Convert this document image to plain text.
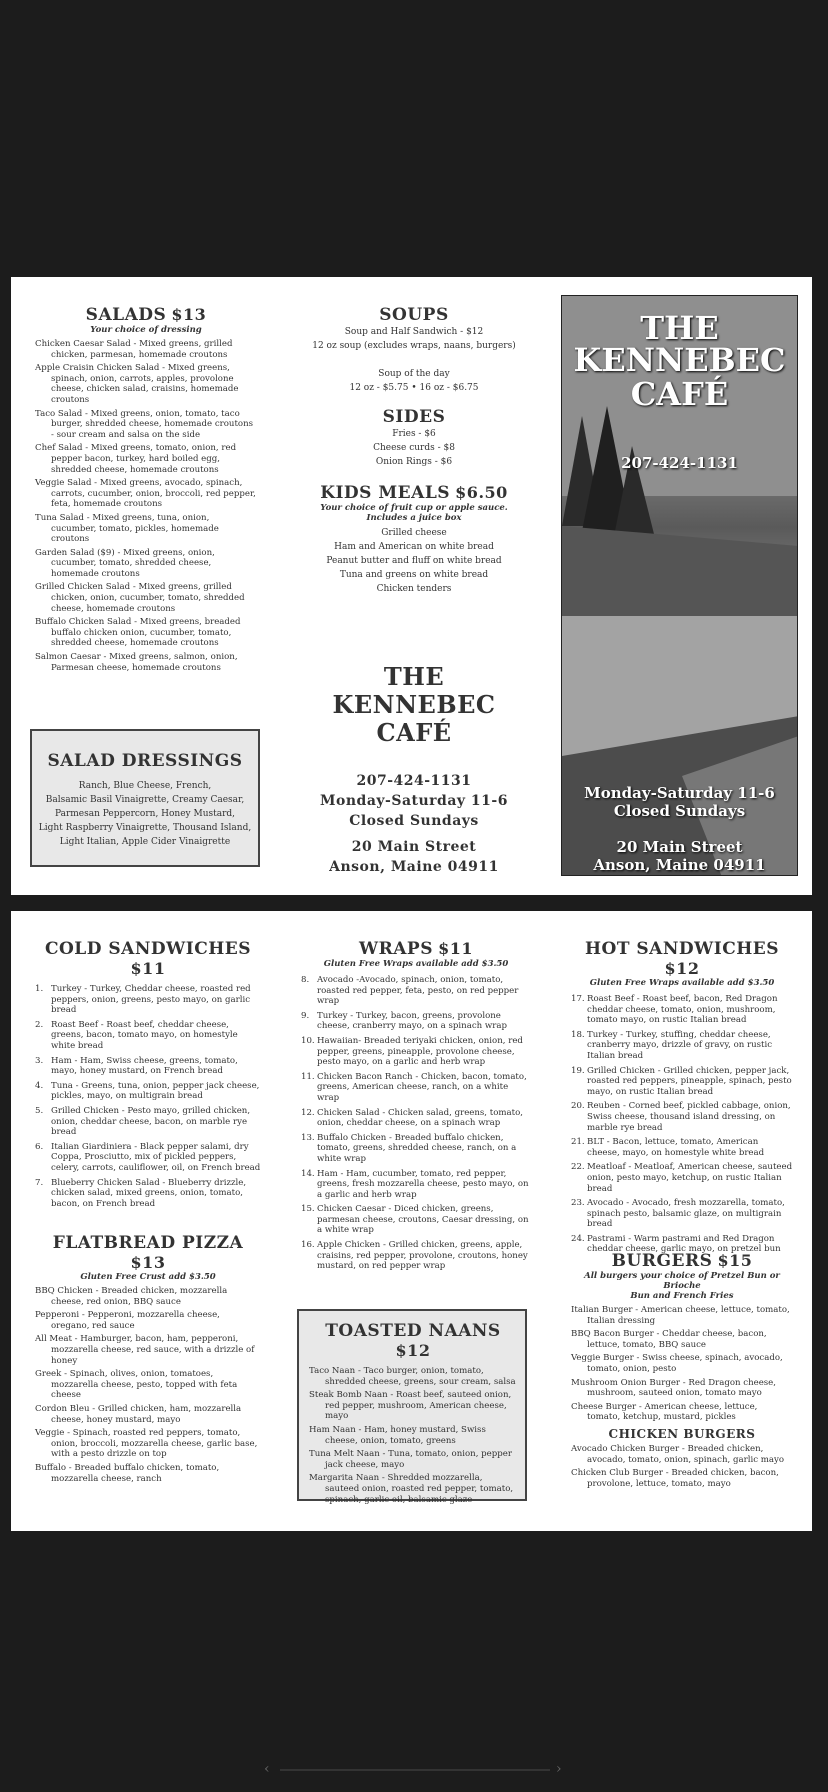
SALADS $13
Your choice of dressing
Chicken Caesar Salad - Mixed greens, grilled chicken, parmesan, homemade croutons
Apple Craisin Chicken Salad - Mixed greens, spinach, onion, carrots, apples, provolone cheese, chicken salad, craisins, homemade croutons
Taco Salad - Mixed greens, onion, tomato, taco burger, shredded cheese, homemade croutons - sour cream and salsa on the side
Chef Salad - Mixed greens, tomato, onion, red pepper bacon, turkey, hard boiled egg, shredded cheese, homemade croutons
Veggie Salad - Mixed greens, avocado, spinach, carrots, cucumber, onion, broccoli, red pepper, feta, homemade croutons
Tuna Salad - Mixed greens, tuna, onion, cucumber, tomato, pickles, homemade croutons
Garden Salad ($9) - Mixed greens, onion, cucumber, tomato, shredded cheese, homemade croutons
Grilled Chicken Salad - Mixed greens, grilled chicken, onion, cucumber, tomato, shredded cheese, homemade croutons
Buffalo Chicken Salad - Mixed greens, breaded buffalo chicken onion, cucumber, tomato, shredded cheese, homemade croutons
Salmon Caesar - Mixed greens, salmon, onion, Parmesan cheese, homemade croutons
SALAD DRESSINGS
Ranch, Blue Cheese, French,
Balsamic Basil Vinaigrette, Creamy Caesar,
Parmesan Peppercorn, Honey Mustard,
Light Raspberry Vinaigrette, Thousand Island,
Light Italian, Apple Cider Vinaigrette
SOUPS
Soup and Half Sandwich - $12
12 oz soup (excludes wraps, naans, burgers)
Soup of the day
12 oz - $5.75 • 16 oz - $6.75
SIDES
Fries - $6
Cheese curds - $8
Onion Rings - $6
KIDS MEALS $6.50
Your choice of fruit cup or apple sauce.
Includes a juice box
Grilled cheese
Ham and American on white bread
Peanut butter and fluff on white bread
Tuna and greens on white bread
Chicken tenders
THE
KENNEBEC
CAFÉ
207-424-1131
Monday-Saturday 11-6
Closed Sundays
20 Main Street
Anson, Maine 04911
THE
KENNEBEC
CAFÉ
207-424-1131
Monday-Saturday 11-6
Closed Sundays
20 Main Street
Anson, Maine 04911
COLD SANDWICHES $11
1. Turkey - Turkey, Cheddar cheese, roasted red peppers, onion, greens, pesto mayo, on garlic bread
2. Roast Beef - Roast beef, cheddar cheese, greens, bacon, tomato mayo, on homestyle white bread
3. Ham - Ham, Swiss cheese, greens, tomato, mayo, honey mustard, on French bread
4. Tuna - Greens, tuna, onion, pepper jack cheese, pickles, mayo, on multigrain bread
5. Grilled Chicken - Pesto mayo, grilled chicken, onion, cheddar cheese, bacon, on marble rye bread
6. Italian Giardiniera - Black pepper salami, dry Coppa, Prosciutto, mix of pickled peppers, celery, carrots, cauliflower, oil, on French bread
7. Blueberry Chicken Salad - Blueberry drizzle, chicken salad, mixed greens, onion, tomato, bacon, on French bread
FLATBREAD PIZZA $13
Gluten Free Crust add $3.50
BBQ Chicken - Breaded chicken, mozzarella cheese, red onion, BBQ sauce
Pepperoni - Pepperoni, mozzarella cheese, oregano, red sauce
All Meat - Hamburger, bacon, ham, pepperoni, mozzarella cheese, red sauce, with a drizzle of honey
Greek - Spinach, olives, onion, tomatoes, mozzarella cheese, pesto, topped with feta cheese
Cordon Bleu - Grilled chicken, ham, mozzarella cheese, honey mustard, mayo
Veggie - Spinach, roasted red peppers, tomato, onion, broccoli, mozzarella cheese, garlic base, with a pesto drizzle on top
Buffalo - Breaded buffalo chicken, tomato, mozzarella cheese, ranch
WRAPS $11
Gluten Free Wraps available add $3.50
8. Avocado -Avocado, spinach, onion, tomato, roasted red pepper, feta, pesto, on red pepper wrap
9. Turkey - Turkey, bacon, greens, provolone cheese, cranberry mayo, on a spinach wrap
10. Hawaiian- Breaded teriyaki chicken, onion, red pepper, greens, pineapple, provolone cheese, pesto mayo, on a garlic and herb wrap
11. Chicken Bacon Ranch - Chicken, bacon, tomato, greens, American cheese, ranch, on a white wrap
12. Chicken Salad - Chicken salad, greens, tomato, onion, cheddar cheese, on a spinach wrap
13. Buffalo Chicken - Breaded buffalo chicken, tomato, greens, shredded cheese, ranch, on a white wrap
14. Ham - Ham, cucumber, tomato, red pepper, greens, fresh mozzarella cheese, pesto mayo, on a garlic and herb wrap
15. Chicken Caesar - Diced chicken, greens, parmesan cheese, croutons, Caesar dressing, on a white wrap
16. Apple Chicken - Grilled chicken, greens, apple, craisins, red pepper, provolone, croutons, honey mustard, on red pepper wrap
TOASTED NAANS $12
Taco Naan - Taco burger, onion, tomato, shredded cheese, greens, sour cream, salsa
Steak Bomb Naan - Roast beef, sauteed onion, red pepper, mushroom, American cheese, mayo
Ham Naan - Ham, honey mustard, Swiss cheese, onion, tomato, greens
Tuna Melt Naan - Tuna, tomato, onion, pepper jack cheese, mayo
Margarita Naan - Shredded mozzarella, sauteed onion, roasted red pepper, tomato, spinach, garlic oil, balsamic glaze
HOT SANDWICHES $12
Gluten Free Wraps available add $3.50
17. Roast Beef - Roast beef, bacon, Red Dragon cheddar cheese, tomato, onion, mushroom, tomato mayo, on rustic Italian bread
18. Turkey - Turkey, stuffing, cheddar cheese, cranberry mayo, drizzle of gravy, on rustic Italian bread
19. Grilled Chicken - Grilled chicken, pepper jack, roasted red peppers, pineapple, spinach, pesto mayo, on rustic Italian bread
20. Reuben - Corned beef, pickled cabbage, onion, Swiss cheese, thousand island dressing, on marble rye bread
21. BLT - Bacon, lettuce, tomato, American cheese, mayo, on homestyle white bread
22. Meatloaf - Meatloaf, American cheese, sauteed onion, pesto mayo, ketchup, on rustic Italian bread
23. Avocado - Avocado, fresh mozzarella, tomato, spinach pesto, balsamic glaze, on multigrain bread
24. Pastrami - Warm pastrami and Red Dragon cheddar cheese, garlic mayo, on pretzel bun
BURGERS $15
All burgers your choice of Pretzel Bun or Brioche
Bun and French Fries
Italian Burger - American cheese, lettuce, tomato, Italian dressing
BBQ Bacon Burger - Cheddar cheese, bacon, lettuce, tomato, BBQ sauce
Veggie Burger - Swiss cheese, spinach, avocado, tomato, onion, pesto
Mushroom Onion Burger - Red Dragon cheese, mushroom, sauteed onion, tomato mayo
Cheese Burger - American cheese, lettuce, tomato, ketchup, mustard, pickles
CHICKEN BURGERS
Avocado Chicken Burger - Breaded chicken, avocado, tomato, onion, spinach, garlic mayo
Chicken Club Burger - Breaded chicken, bacon, provolone, lettuce, tomato, mayo
‹	›
